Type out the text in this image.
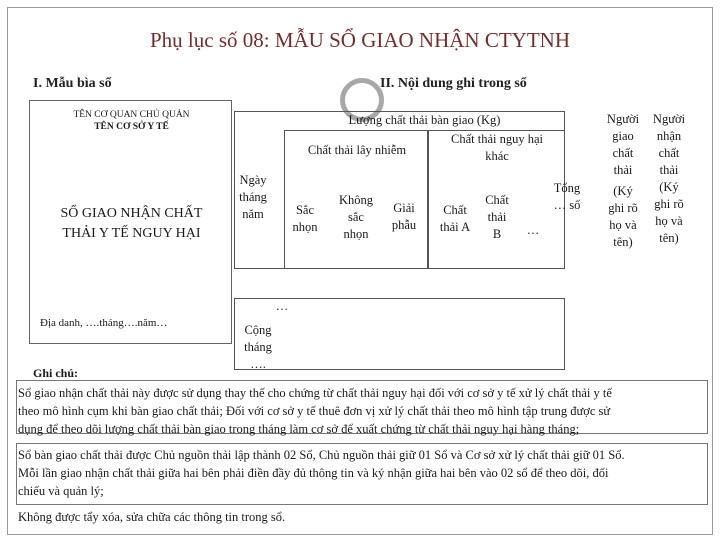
Phụ lục số 08: MẪU SỔ GIAO NHẬN CTYTNH
I. Mẫu bìa sổ	II. Nội dung ghi trong sổ
TÊN CƠ QUAN CHỦ QUẢN
TÊN CƠ SỞ Y TẾ
SỔ GIAO NHẬN CHẤT
THẢI Y TẾ NGUY HẠI
Địa danh, ….tháng….năm…
Ghi chú:
Lượng chất thải bàn giao (Kg)
Ngày
tháng
năm
Chất thải lây nhiễm
Chất thải nguy hại
khác
Sắc
nhọn
Không
sắc
nhọn
Giải
phẫu
Chất
thải A
Chất
thải
B	…
Tổng
… số
Người
giao
chất
thải
(Ký
ghi rõ
họ và
tên)
Người
nhận
chất
thải
(Ký
ghi rõ
họ và
tên)
…
Cộng
tháng
….
Sổ giao nhận chất thải này được sử dụng thay thế cho chứng từ chất thải nguy hại đối với cơ sở y tế xử lý chất thải y tế
theo mô hình cụm khi bàn giao chất thải; Đối với cơ sở y tế thuê đơn vị xử lý chất thải theo mô hình tập trung được sử
dụng để theo dõi lượng chất thải bàn giao trong tháng làm cơ sở để xuất chứng từ chất thải nguy hại hàng tháng;
Sổ bàn giao chất thải được Chủ nguồn thải lập thành 02 Sổ, Chủ nguồn thải giữ 01 Sổ và Cơ sở xử lý chất thải giữ 01 Sổ.
Mỗi lần giao nhận chất thải giữa hai bên phải điền đầy đủ thông tin và ký nhận giữa hai bên vào 02 sổ để theo dõi, đối
chiếu và quản lý;
Không được tẩy xóa, sửa chữa các thông tin trong sổ.
